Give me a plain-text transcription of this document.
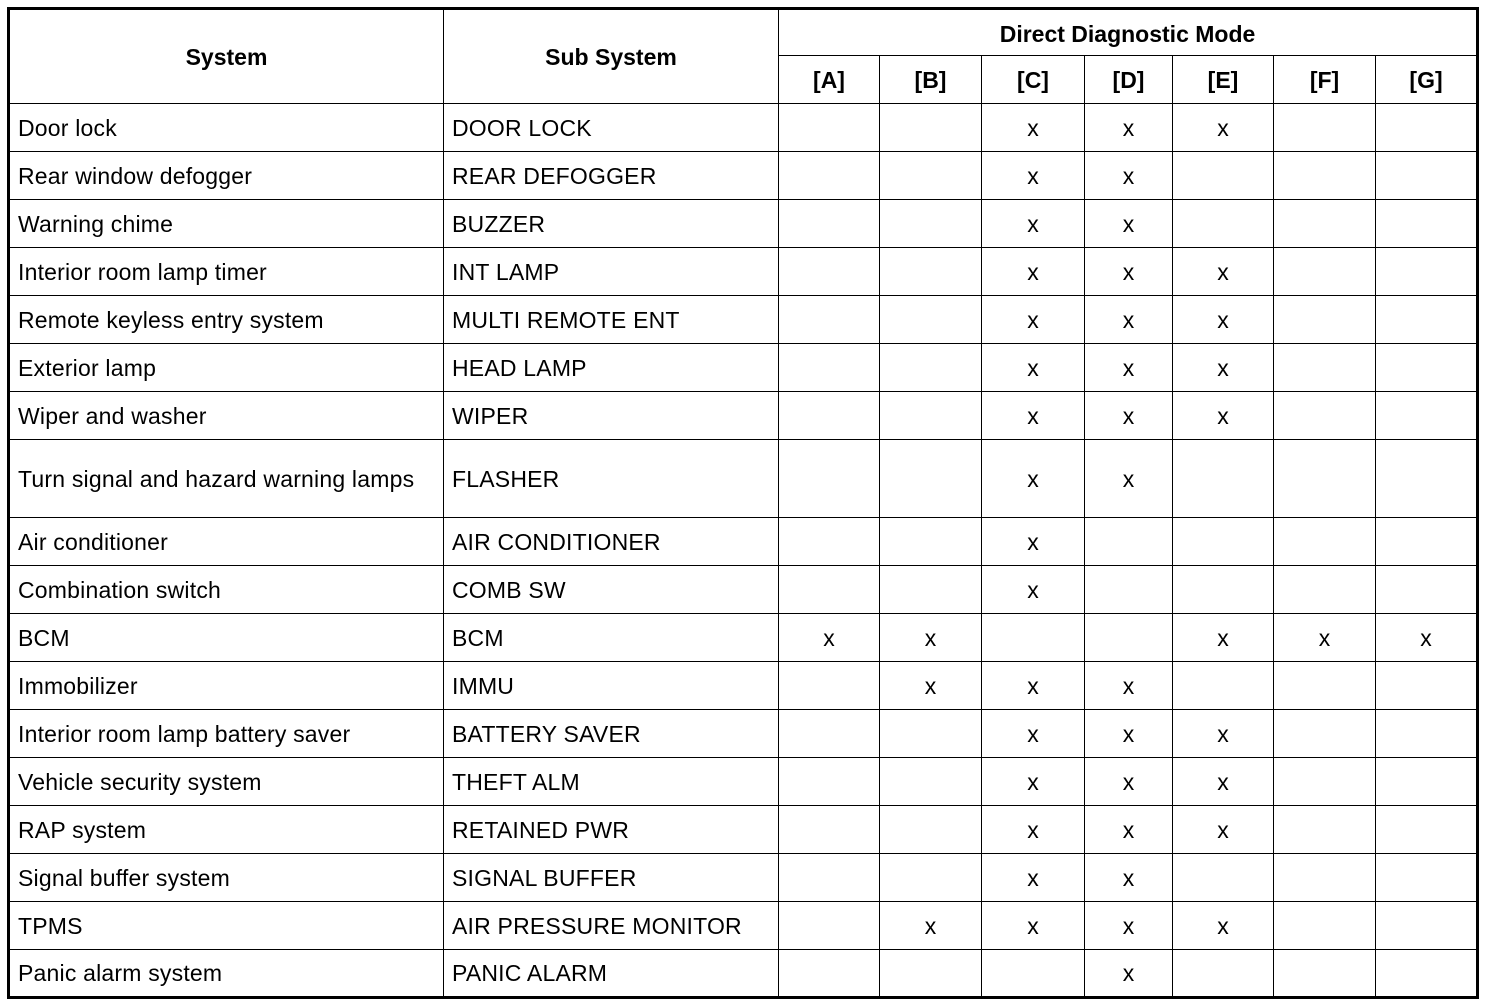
System	Sub System	Direct Diagnostic Mode						
		[A]	[B]	[C]	[D]	[E]	[F]	[G]
Door lock	DOOR LOCK			x	x	x		
Rear window defogger	REAR DEFOGGER			x	x			
Warning chime	BUZZER			x	x			
Interior room lamp timer	INT LAMP			x	x	x		
Remote keyless entry system	MULTI REMOTE ENT			x	x	x		
Exterior lamp	HEAD LAMP			x	x	x		
Wiper and washer	WIPER			x	x	x		
Turn signal and hazard warning lamps	FLASHER			x	x			
Air conditioner	AIR CONDITIONER			x				
Combination switch	COMB SW			x				
BCM	BCM	x	x			x	x	x
Immobilizer	IMMU		x	x	x			
Interior room lamp battery saver	BATTERY SAVER			x	x	x		
Vehicle security system	THEFT ALM			x	x	x		
RAP system	RETAINED PWR			x	x	x		
Signal buffer system	SIGNAL BUFFER			x	x			
TPMS	AIR PRESSURE MONITOR		x	x	x	x		
Panic alarm system	PANIC ALARM				x			
